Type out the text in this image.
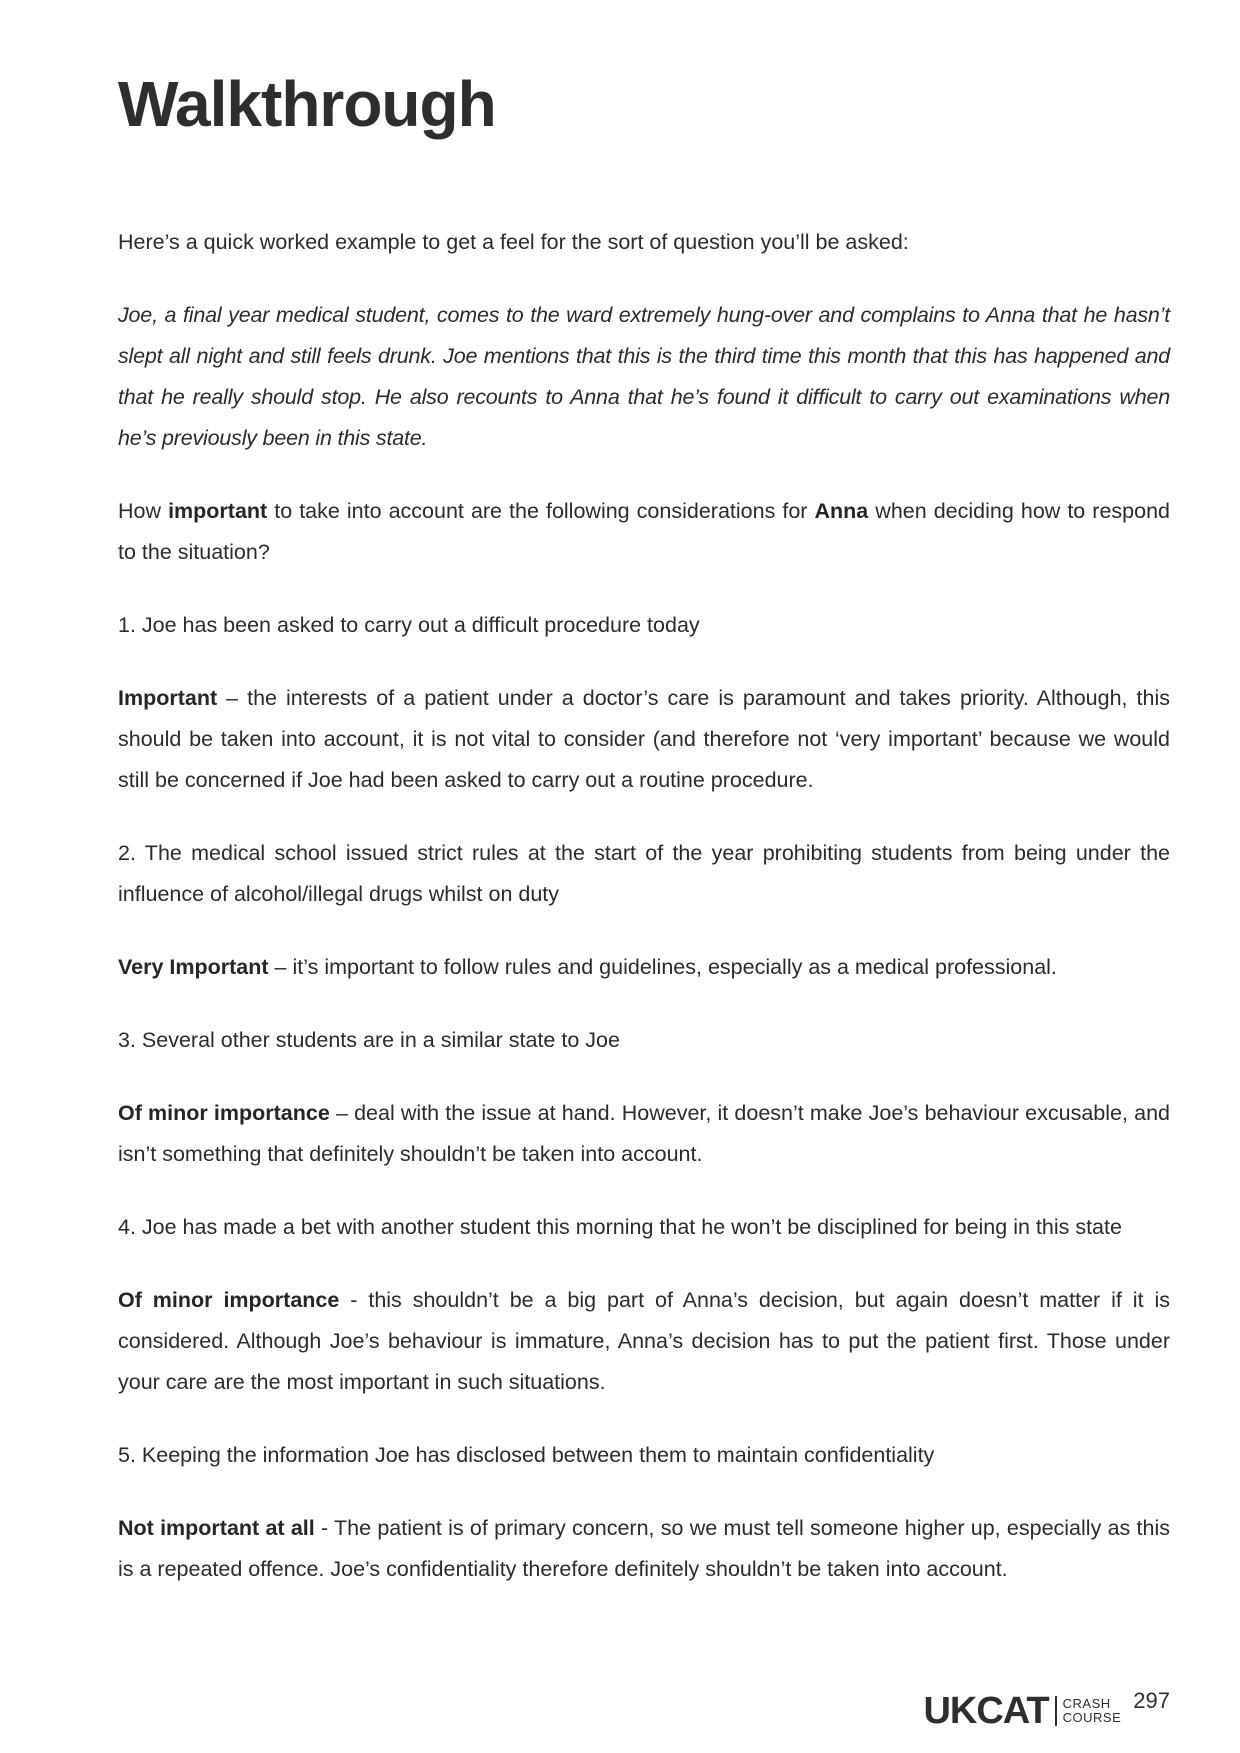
Walkthrough

Here’s a quick worked example to get a feel for the sort of question you’ll be asked:

Joe, a final year medical student, comes to the ward extremely hung-over and complains to Anna that he hasn’t slept all night and still feels drunk. Joe mentions that this is the third time this month that this has happened and that he really should stop. He also recounts to Anna that he’s found it difficult to carry out examinations when he’s previously been in this state.

How important to take into account are the following considerations for Anna when deciding how to respond to the situation?

1. Joe has been asked to carry out a difficult procedure today

Important – the interests of a patient under a doctor’s care is paramount and takes priority. Although, this should be taken into account, it is not vital to consider (and therefore not ‘very important’ because we would still be concerned if Joe had been asked to carry out a routine procedure.

2. The medical school issued strict rules at the start of the year prohibiting students from being under the influence of alcohol/illegal drugs whilst on duty

Very Important – it’s important to follow rules and guidelines, especially as a medical professional.

3. Several other students are in a similar state to Joe

Of minor importance – deal with the issue at hand. However, it doesn’t make Joe’s behaviour excusable, and isn’t something that definitely shouldn’t be taken into account.

4. Joe has made a bet with another student this morning that he won’t be disciplined for being in this state

Of minor importance - this shouldn’t be a big part of Anna’s decision, but again doesn’t matter if it is considered. Although Joe’s behaviour is immature, Anna’s decision has to put the patient first. Those under your care are the most important in such situations.

5. Keeping the information Joe has disclosed between them to maintain confidentiality

Not important at all - The patient is of primary concern, so we must tell someone higher up, especially as this is a repeated offence. Joe’s confidentiality therefore definitely shouldn’t be taken into account.

UKCAT CRASH
COURSE
297
